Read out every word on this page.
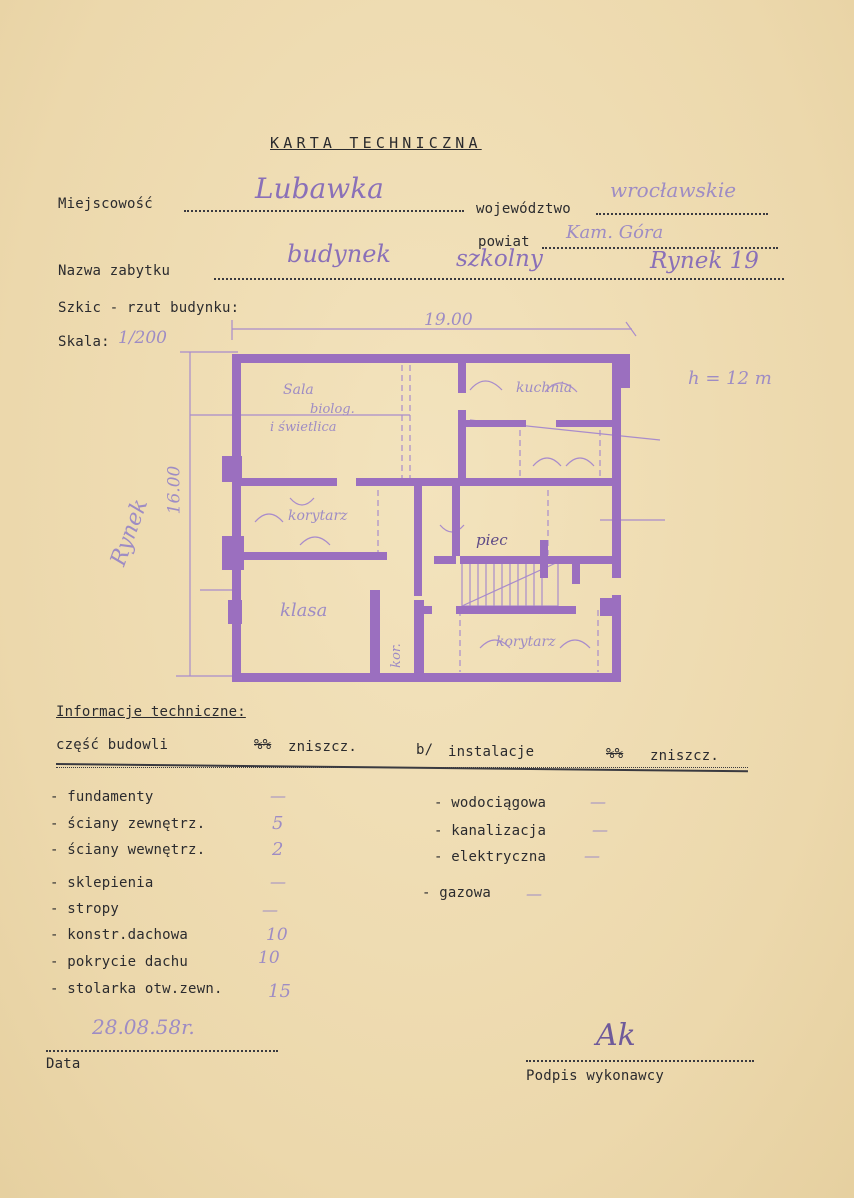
KARTA TECHNICZNA
Miejscowość	Lubawka
województwo
wrocławskie
powiat Kam. Góra
Nazwa zabytku
budynek	szkolny	Rynek 19
Szkic - rzut budynku:
Skala: 1/200
19.00
16.00
h = 12 m
Rynek
Sala
biolog.
i świetlica
kuchnia
korytarz
piec
klasa
kor.
korytarz
Informacje techniczne:
część budowli	%% zniszcz.	b/ instalacje	%% zniszcz.
- fundamenty	—
- ściany zewnętrz.	5
- ściany wewnętrz.	2
- sklepienia	—
- stropy	—
- konstr.dachowa	10
- pokrycie dachu	10
- stolarka otw.zewn.	15
- wodociągowa	—
- kanalizacja	—
- elektryczna —
- gazowa —
28.08.58r.
Data
Ak
Podpis wykonawcy
